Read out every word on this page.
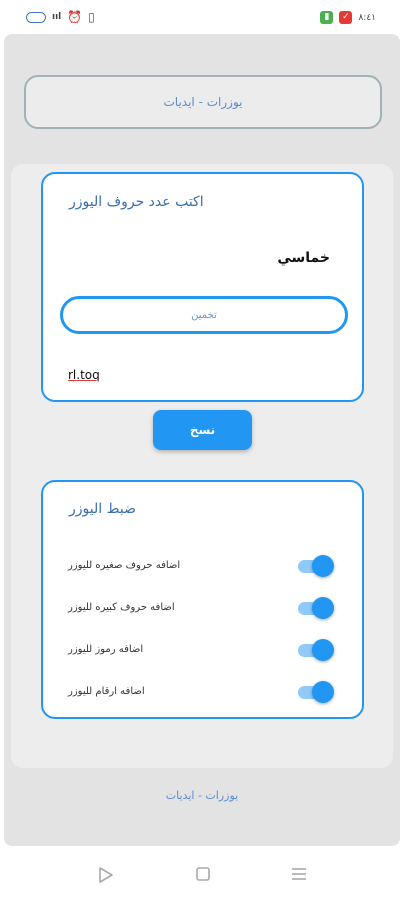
ııl ⏰ ▯	▮	✓ ٨:٤١
يوزرات - ايديات
اكتب عدد حروف اليوزر
خماسي
تخمين
rl.toq
نسخ
ضبط اليوزر
اضافه حروف صغيره لليوزر
اضافه حروف كبيره لليوزر
اضافه رموز لليوزر
اضافه ارقام لليوزر
يوزرات - ايديات
